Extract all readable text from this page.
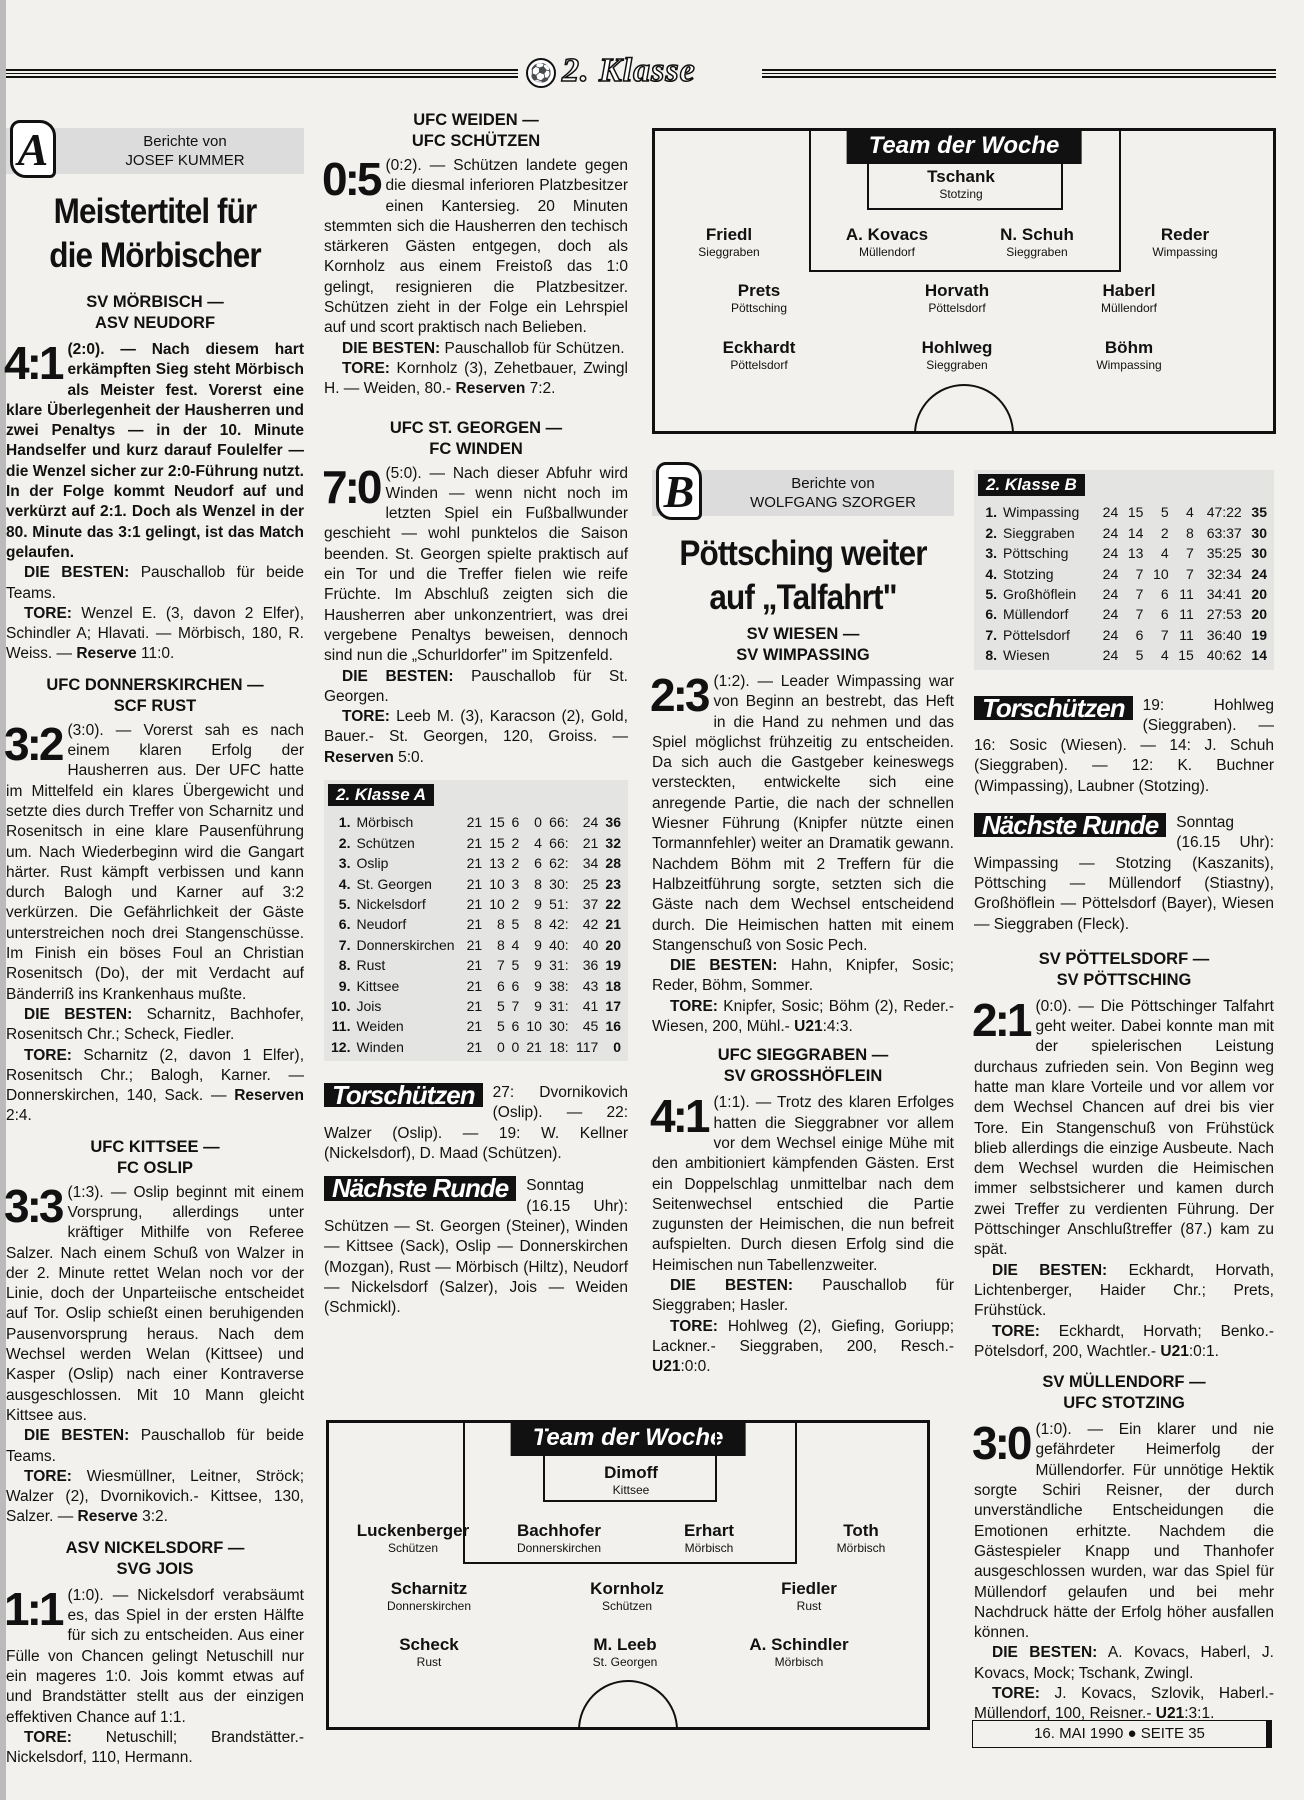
⚽ 2. Klasse
A	Berichte von
JOSEF KUMMER
Meistertitel für
die Mörbischer
SV MÖRBISCH —
ASV NEUDORF

4:1 (2:0). — Nach diesem hart erkämpften Sieg steht Mörbisch als Meister fest. Vorerst eine klare Überlegenheit der Hausherren und zwei Penaltys — in der 10. Minute Handselfer und kurz darauf Foulelfer — die Wenzel sicher zur 2:0-Führung nutzt. In der Folge kommt Neudorf auf und verkürzt auf 2:1. Doch als Wenzel in der 80. Minute das 3:1 gelingt, ist das Match gelaufen.

DIE BESTEN: Pauschallob für beide Teams.

TORE: Wenzel E. (3, davon 2 Elfer), Schindler A; Hlavati. — Mörbisch, 180, R. Weiss. — Reserve 11:0.

UFC DONNERSKIRCHEN —
SCF RUST

3:2 (3:0). — Vorerst sah es nach einem klaren Erfolg der Hausherren aus. Der UFC hatte im Mittelfeld ein klares Übergewicht und setzte dies durch Treffer von Scharnitz und Rosenitsch in eine klare Pausenführung um. Nach Wiederbeginn wird die Gangart härter. Rust kämpft verbissen und kann durch Balogh und Karner auf 3:2 verkürzen. Die Gefährlichkeit der Gäste unterstreichen noch drei Stangenschüsse. Im Finish ein böses Foul an Christian Rosenitsch (Do), der mit Verdacht auf Bänderriß ins Krankenhaus mußte.

DIE BESTEN: Scharnitz, Bachhofer, Rosenitsch Chr.; Scheck, Fiedler.

TORE: Scharnitz (2, davon 1 Elfer), Rosenitsch Chr.; Balogh, Karner. — Donnerskirchen, 140, Sack. — Reserven 2:4.

UFC KITTSEE —
FC OSLIP

3:3 (1:3). — Oslip beginnt mit einem Vorsprung, allerdings unter kräftiger Mithilfe von Referee Salzer. Nach einem Schuß von Walzer in der 2. Minute rettet Welan noch vor der Linie, doch der Unparteiische entscheidet auf Tor. Oslip schießt einen beruhigenden Pausenvorsprung heraus. Nach dem Wechsel werden Welan (Kittsee) und Kasper (Oslip) nach einer Kontraverse ausgeschlossen. Mit 10 Mann gleicht Kittsee aus.

DIE BESTEN: Pauschallob für beide Teams.

TORE: Wiesmüllner, Leitner, Ströck; Walzer (2), Dvornikovich.- Kittsee, 130, Salzer. — Reserve 3:2.

ASV NICKELSDORF —
SVG JOIS

1:1 (1:0). — Nickelsdorf verabsäumt es, das Spiel in der ersten Hälfte für sich zu entscheiden. Aus einer Fülle von Chancen gelingt Netuschill nur ein mageres 1:0. Jois kommt etwas auf und Brandstätter stellt aus der einzigen effektiven Chance auf 1:1.

TORE: Netuschill; Brandstätter.- Nickelsdorf, 110, Hermann.

UFC WEIDEN —
UFC SCHÜTZEN

0:5 (0:2). — Schützen landete gegen die diesmal inferioren Platzbesitzer einen Kantersieg. 20 Minuten stemmten sich die Hausherren den techisch stärkeren Gästen entgegen, doch als Kornholz aus einem Freistoß das 1:0 gelingt, resignieren die Platzbesitzer. Schützen zieht in der Folge ein Lehrspiel auf und scort praktisch nach Belieben.

DIE BESTEN: Pauschallob für Schützen.

TORE: Kornholz (3), Zehetbauer, Zwingl H. — Weiden, 80.- Reserven 7:2.

UFC ST. GEORGEN —
FC WINDEN

7:0 (5:0). — Nach dieser Abfuhr wird Winden — wenn nicht noch im letzten Spiel ein Fußballwunder geschieht — wohl punktelos die Saison beenden. St. Georgen spielte praktisch auf ein Tor und die Treffer fielen wie reife Früchte. Im Abschluß zeigten sich die Hausherren aber unkonzentriert, was drei vergebene Penaltys beweisen, dennoch sind nun die „Schurldorfer" im Spitzenfeld.

DIE BESTEN: Pauschallob für St. Georgen.

TORE: Leeb M. (3), Karacson (2), Gold, Bauer.- St. Georgen, 120, Groiss. — Reserven 5:0.

2. Klasse A
1.	Mörbisch	21	15	6	0	66:	24	36
2.	Schützen	21	15	2	4	66:	21	32
3.	Oslip	21	13	2	6	62:	34	28
4.	St. Georgen	21	10	3	8	30:	25	23
5.	Nickelsdorf	21	10	2	9	51:	37	22
6.	Neudorf	21	8	5	8	42:	42	21
7.	Donnerskirchen	21	8	4	9	40:	40	20
8.	Rust	21	7	5	9	31:	36	19
9.	Kittsee	21	6	6	9	38:	43	18
10.	Jois	21	5	7	9	31:	41	17
11.	Weiden	21	5	6	10	30:	45	16
12.	Winden	21	0	0	21	18:	117	0
Torschützen	27: Dvornikovich (Oslip). — 22: Walzer (Oslip). — 19: W. Kellner (Nickelsdorf), D. Maad (Schützen).
Nächste Runde	Sonntag (16.15 Uhr): Schützen — St. Georgen (Steiner), Winden — Kittsee (Sack), Oslip — Donnerskirchen (Mozgan), Rust — Mörbisch (Hiltz), Neudorf — Nickelsdorf (Salzer), Jois — Weiden (Schmickl).
Team der Woche
Tschank
Stotzing
Friedl
Sieggraben
A. Kovacs
Müllendorf
N. Schuh
Sieggraben
Reder
Wimpassing
Prets
Pöttsching
Horvath
Pöttelsdorf
Haberl
Müllendorf
Eckhardt
Pöttelsdorf
Hohlweg
Sieggraben
Böhm
Wimpassing
B	Berichte von
WOLFGANG SZORGER
Pöttsching weiter
auf „Talfahrt"
SV WIESEN —
SV WIMPASSING

2:3 (1:2). — Leader Wimpassing war von Beginn an bestrebt, das Heft in die Hand zu nehmen und das Spiel möglichst frühzeitig zu entscheiden. Da sich auch die Gastgeber keineswegs versteckten, entwickelte sich eine anregende Partie, die nach der schnellen Wiesner Führung (Knipfer nützte einen Tormannfehler) weiter an Dramatik gewann. Nachdem Böhm mit 2 Treffern für die Halbzeitführung sorgte, setzten sich die Gäste nach dem Wechsel entscheidend durch. Die Heimischen hatten mit einem Stangenschuß von Sosic Pech.

DIE BESTEN: Hahn, Knipfer, Sosic; Reder, Böhm, Sommer.

TORE: Knipfer, Sosic; Böhm (2), Reder.- Wiesen, 200, Mühl.- U21:4:3.

UFC SIEGGRABEN —
SV GROSSHÖFLEIN

4:1 (1:1). — Trotz des klaren Erfolges hatten die Sieggrabner vor allem vor dem Wechsel einige Mühe mit den ambitioniert kämpfenden Gästen. Erst ein Doppelschlag unmittelbar nach dem Seitenwechsel entschied die Partie zugunsten der Heimischen, die nun befreit aufspielten. Durch diesen Erfolg sind die Heimischen nun Tabellenzweiter.

DIE BESTEN: Pauschallob für Sieggraben; Hasler.

TORE: Hohlweg (2), Giefing, Goriupp; Lackner.- Sieggraben, 200, Resch.- U21:0:0.

2. Klasse B
1.	Wimpassing	24	15	5	4	47:22	35
2.	Sieggraben	24	14	2	8	63:37	30
3.	Pöttsching	24	13	4	7	35:25	30
4.	Stotzing	24	7	10	7	32:34	24
5.	Großhöflein	24	7	6	11	34:41	20
6.	Müllendorf	24	7	6	11	27:53	20
7.	Pöttelsdorf	24	6	7	11	36:40	19
8.	Wiesen	24	5	4	15	40:62	14
Torschützen	19: Hohlweg (Sieggraben). — 16: Sosic (Wiesen). — 14: J. Schuh (Sieggraben). — 12: K. Buchner (Wimpassing), Laubner (Stotzing).
Nächste Runde	Sonntag (16.15 Uhr): Wimpassing — Stotzing (Kaszanits), Pöttsching — Müllendorf (Stiastny), Großhöflein — Pöttelsdorf (Bayer), Wiesen — Sieggraben (Fleck).
SV PÖTTELSDORF —
SV PÖTTSCHING

2:1 (0:0). — Die Pöttschinger Talfahrt geht weiter. Dabei konnte man mit der spielerischen Leistung durchaus zufrieden sein. Von Beginn weg hatte man klare Vorteile und vor allem vor dem Wechsel Chancen auf drei bis vier Tore. Ein Stangenschuß von Frühstück blieb allerdings die einzige Ausbeute. Nach dem Wechsel wurden die Heimischen immer selbstsicherer und kamen durch zwei Treffer zu verdienten Führung. Der Pöttschinger Anschlußtreffer (87.) kam zu spät.

DIE BESTEN: Eckhardt, Horvath, Lichtenberger, Haider Chr.; Prets, Frühstück.

TORE: Eckhardt, Horvath; Benko.- Pötelsdorf, 200, Wachtler.- U21:0:1.

SV MÜLLENDORF —
UFC STOTZING

3:0 (1:0). — Ein klarer und nie gefährdeter Heimerfolg der Müllendorfer. Für unnötige Hektik sorgte Schiri Reisner, der durch unverständliche Entscheidungen die Emotionen erhitzte. Nachdem die Gästespieler Knapp und Thanhofer ausgeschlossen wurden, war das Spiel für Müllendorf gelaufen und bei mehr Nachdruck hätte der Erfolg höher ausfallen können.

DIE BESTEN: A. Kovacs, Haberl, J. Kovacs, Mock; Tschank, Zwingl.

TORE: J. Kovacs, Szlovik, Haberl.- Müllendorf, 100, Reisner.- U21:3:1.

Team der Woche
Dimoff
Kittsee
Luckenberger
Schützen
Bachhofer
Donnerskirchen
Erhart
Mörbisch
Toth
Mörbisch
Scharnitz
Donnerskirchen
Kornholz
Schützen
Fiedler
Rust
Scheck
Rust
M. Leeb
St. Georgen
A. Schindler
Mörbisch
16. MAI 1990 ● SEITE 35
